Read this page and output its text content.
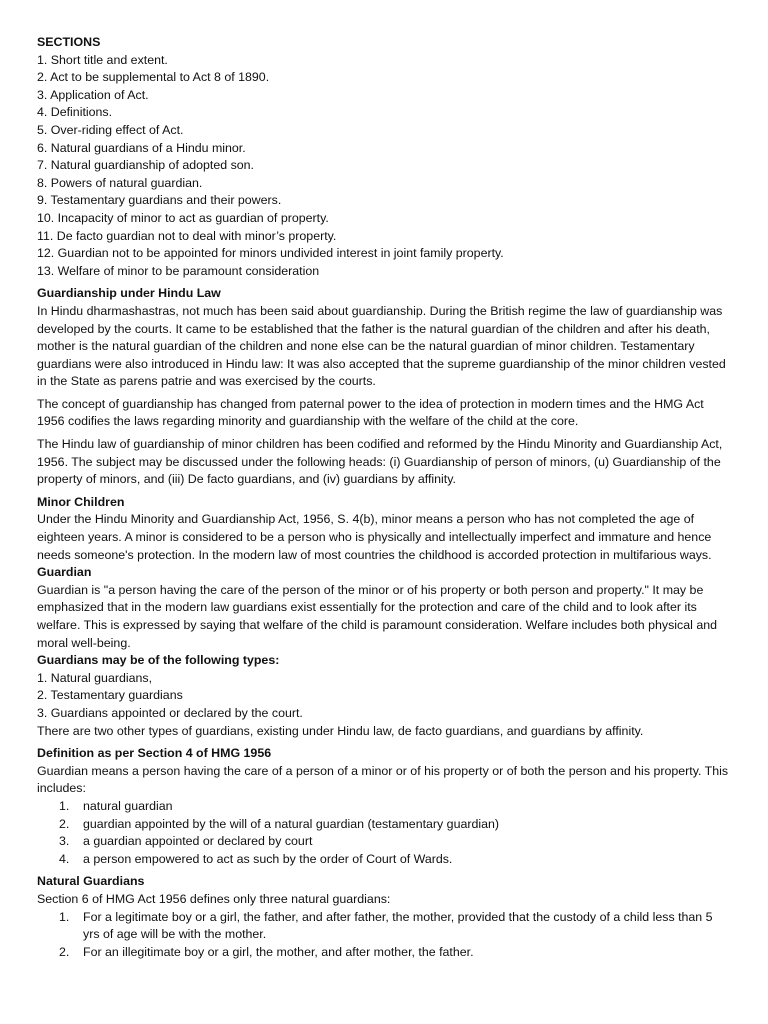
SECTIONS
1. Short title and extent.
2. Act to be supplemental to Act 8 of 1890.
3. Application of Act.
4. Definitions.
5. Over-riding effect of Act.
6. Natural guardians of a Hindu minor.
7. Natural guardianship of adopted son.
8. Powers of natural guardian.
9. Testamentary guardians and their powers.
10. Incapacity of minor to act as guardian of property.
11. De facto guardian not to deal with minor’s property.
12. Guardian not to be appointed for minors undivided interest in joint family property.
13. Welfare of minor to be paramount consideration
Guardianship under Hindu Law

In Hindu dharmashastras, not much has been said about guardianship. During the British regime the law of guardianship was developed by the courts. It came to be established that the father is the natural guardian of the children and after his death, mother is the natural guardian of the children and none else can be the natural guardian of minor children. Testamentary guardians were also introduced in Hindu law: It was also accepted that the supreme guardianship of the minor children vested in the State as parens patrie and was exercised by the courts.

The concept of guardianship has changed from paternal power to the idea of protection in modern times and the HMG Act 1956 codifies the laws regarding minority and guardianship with the welfare of the child at the core.

The Hindu law of guardianship of minor children has been codified and reformed by the Hindu Minority and Guardianship Act, 1956. The subject may be discussed under the following heads: (i) Guardianship of person of minors, (u) Guardianship of the property of minors, and (iii) De facto guardians, and (iv) guardians by affinity.

Minor Children

Under the Hindu Minority and Guardianship Act, 1956, S. 4(b), minor means a person who has not completed the age of eighteen years. A minor is considered to be a person who is physically and intellectually imperfect and immature and hence needs someone's protection. In the modern law of most countries the childhood is accorded protection in multifarious ways.

Guardian

Guardian is "a person having the care of the person of the minor or of his property or both person and property." It may be emphasized that in the modern law guardians exist essentially for the protection and care of the child and to look after its welfare. This is expressed by saying that welfare of the child is paramount consideration. Welfare includes both physical and moral well-being.

Guardians may be of the following types:
1. Natural guardians,
2. Testamentary guardians
3. Guardians appointed or declared by the court.
There are two other types of guardians, existing under Hindu law, de facto guardians, and guardians by affinity.
Definition as per Section 4 of HMG 1956

Guardian means a person having the care of a person of a minor or of his property or of both the person and his property. This includes:

1. natural guardian
2. guardian appointed by the will of a natural guardian (testamentary guardian)
3. a guardian appointed or declared by court
4. a person empowered to act as such by the order of Court of Wards.
Natural Guardians

Section 6 of HMG Act 1956 defines only three natural guardians:

1. For a legitimate boy or a girl, the father, and after father, the mother, provided that the custody of a child less than 5 yrs of age will be with the mother.
2. For an illegitimate boy or a girl, the mother, and after mother, the father.
